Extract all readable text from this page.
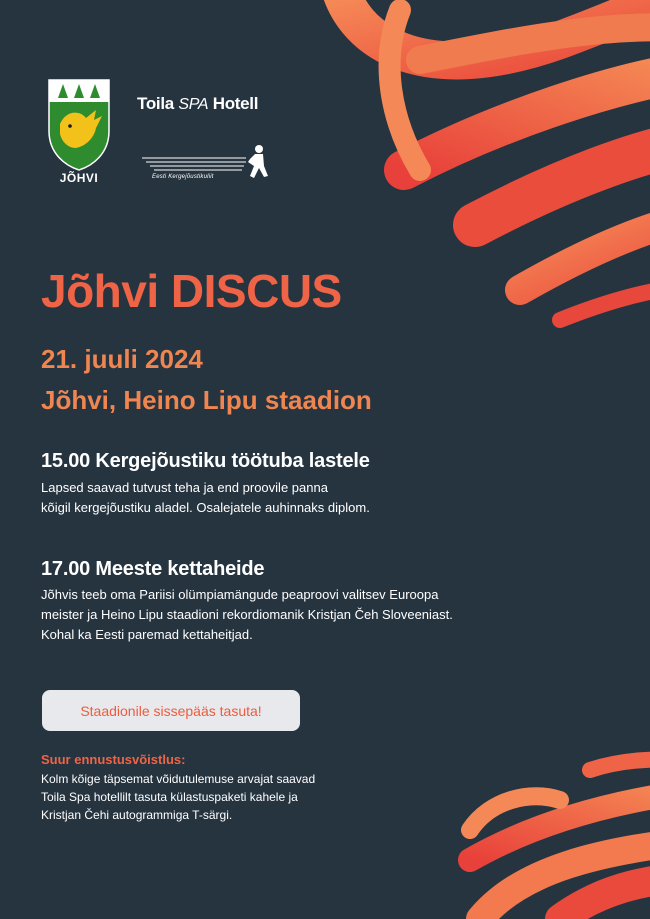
JÕHVI
Toila SPA Hotell
Eesti Kergejõustikuliit
Jõhvi DISCUS
21. juuli 2024
Jõhvi, Heino Lipu staadion
15.00 Kergejõustiku töötuba lastele
Lapsed saavad tutvust teha ja end proovile panna
kõigil kergejõustiku aladel. Osalejatele auhinnaks diplom.
17.00 Meeste kettaheide
Jõhvis teeb oma Pariisi olümpiamängude peaproovi valitsev Euroopa
meister ja Heino Lipu staadioni rekordiomanik Kristjan Čeh Sloveeniast.
Kohal ka Eesti paremad kettaheitjad.
Staadionile sissepääs tasuta!
Suur ennustusvõistlus:
Kolm kõige täpsemat võidutulemuse arvajat saavad
Toila Spa hotellilt tasuta külastuspaketi kahele ja
Kristjan Čehi autogrammiga T-särgi.
